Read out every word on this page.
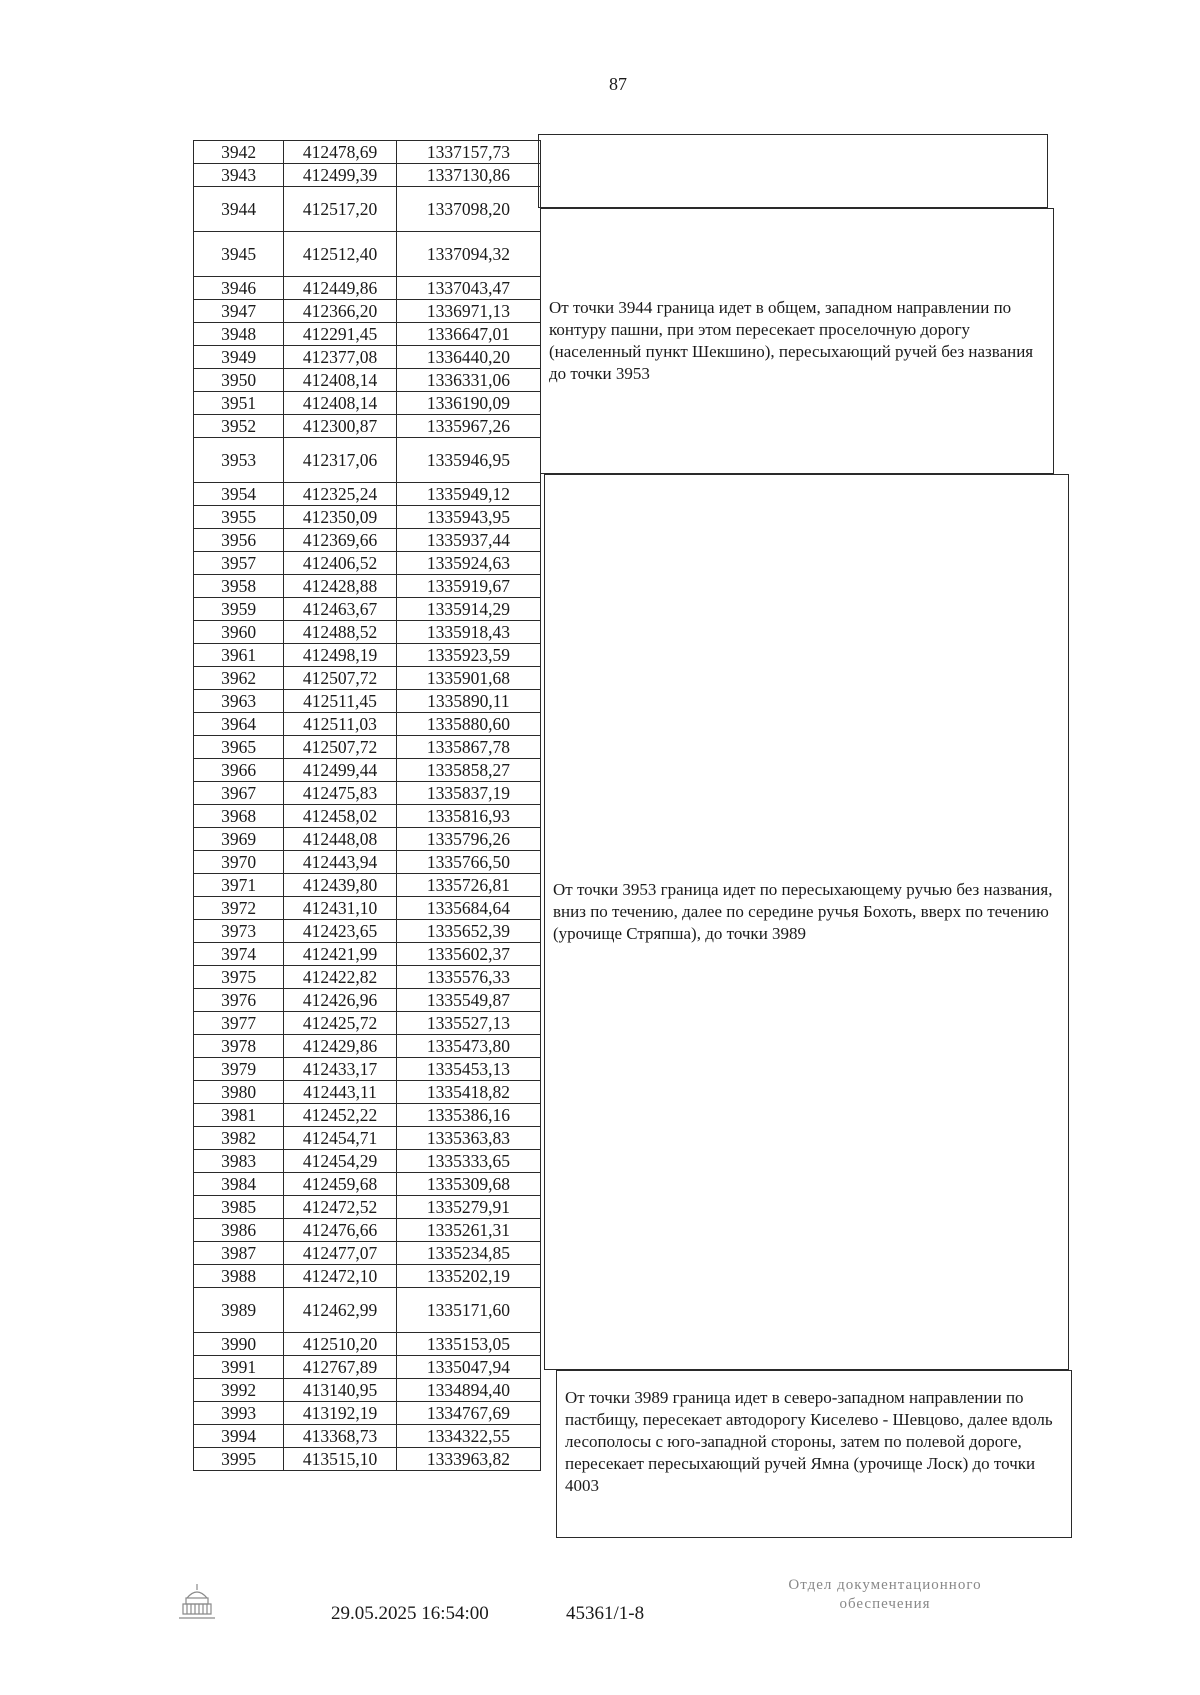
87
3942	412478,69	1337157,73
3943	412499,39	1337130,86
3944	412517,20	1337098,20
3945	412512,40	1337094,32
3946	412449,86	1337043,47
3947	412366,20	1336971,13
3948	412291,45	1336647,01
3949	412377,08	1336440,20
3950	412408,14	1336331,06
3951	412408,14	1336190,09
3952	412300,87	1335967,26
3953	412317,06	1335946,95
3954	412325,24	1335949,12
3955	412350,09	1335943,95
3956	412369,66	1335937,44
3957	412406,52	1335924,63
3958	412428,88	1335919,67
3959	412463,67	1335914,29
3960	412488,52	1335918,43
3961	412498,19	1335923,59
3962	412507,72	1335901,68
3963	412511,45	1335890,11
3964	412511,03	1335880,60
3965	412507,72	1335867,78
3966	412499,44	1335858,27
3967	412475,83	1335837,19
3968	412458,02	1335816,93
3969	412448,08	1335796,26
3970	412443,94	1335766,50
3971	412439,80	1335726,81
3972	412431,10	1335684,64
3973	412423,65	1335652,39
3974	412421,99	1335602,37
3975	412422,82	1335576,33
3976	412426,96	1335549,87
3977	412425,72	1335527,13
3978	412429,86	1335473,80
3979	412433,17	1335453,13
3980	412443,11	1335418,82
3981	412452,22	1335386,16
3982	412454,71	1335363,83
3983	412454,29	1335333,65
3984	412459,68	1335309,68
3985	412472,52	1335279,91
3986	412476,66	1335261,31
3987	412477,07	1335234,85
3988	412472,10	1335202,19
3989	412462,99	1335171,60
3990	412510,20	1335153,05
3991	412767,89	1335047,94
3992	413140,95	1334894,40
3993	413192,19	1334767,69
3994	413368,73	1334322,55
3995	413515,10	1333963,82

От точки 3944 граница идет в общем, западном направлении по контуру пашни, при этом пересекает проселочную дорогу (населенный пункт Шекшино), пересыхающий ручей без названия до точки 3953

От точки 3953 граница идет по пересыхающему ручью без названия, вниз по течению, далее по середине ручья Бохоть, вверх по течению (урочище Стряпша), до точки 3989

От точки 3989 граница идет в северо-западном направлении по пастбищу, пересекает автодорогу Киселево - Шевцово, далее вдоль лесополосы с юго-западной стороны, затем по полевой дороге, пересекает пересыхающий ручей Ямна (урочище Лоск) до точки 4003

29.05.2025 16:54:00	45361/1-8
Отдел документационного
обеспечения
